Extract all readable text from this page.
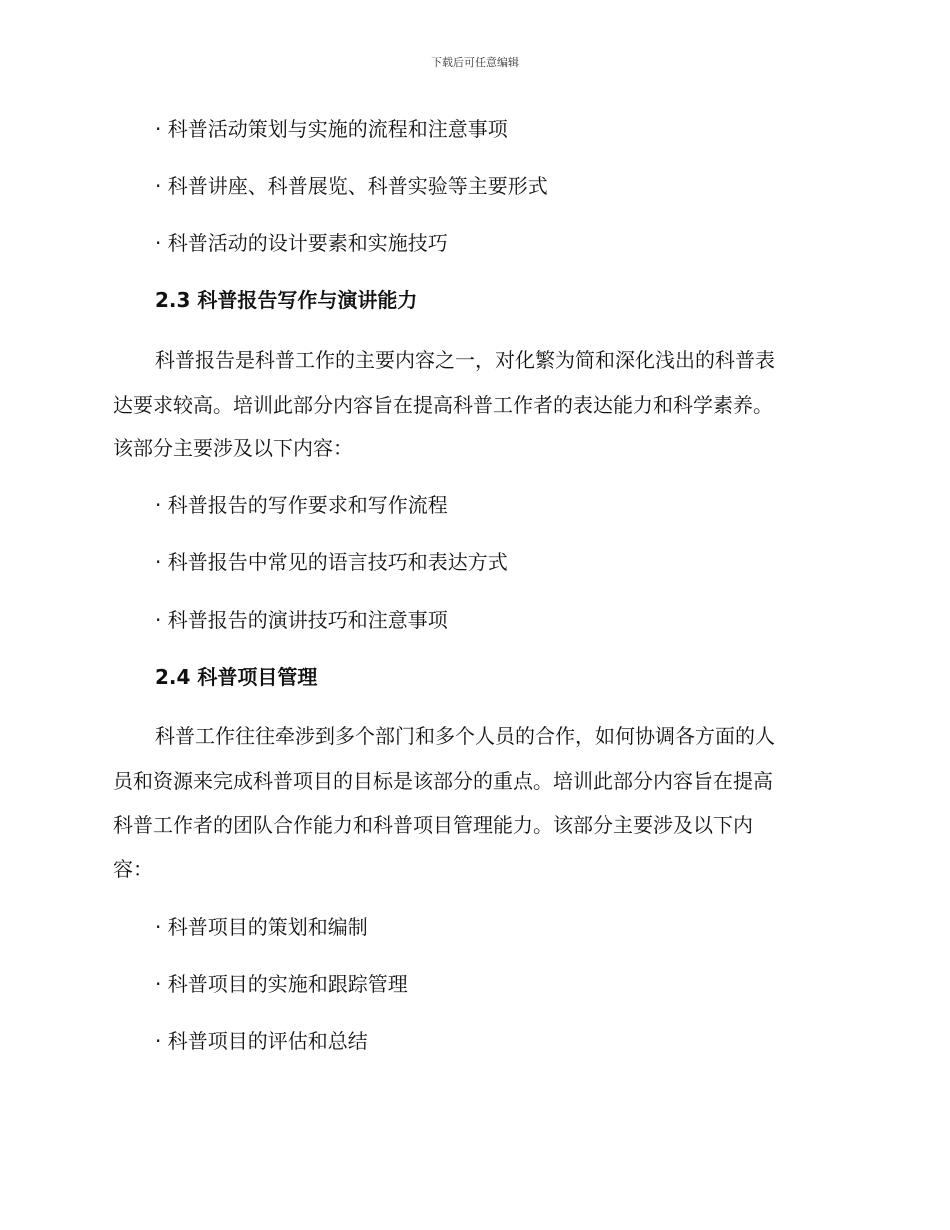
下载后可任意编辑
· 科普活动策划与实施的流程和注意事项
· 科普讲座、科普展览、科普实验等主要形式
· 科普活动的设计要素和实施技巧
2.3 科普报告写作与演讲能力
科普报告是科普工作的主要内容之一，对化繁为简和深化浅出的科普表
达要求较高。培训此部分内容旨在提高科普工作者的表达能力和科学素养。
该部分主要涉及以下内容：
· 科普报告的写作要求和写作流程
· 科普报告中常见的语言技巧和表达方式
· 科普报告的演讲技巧和注意事项
2.4 科普项目管理
科普工作往往牵涉到多个部门和多个人员的合作，如何协调各方面的人
员和资源来完成科普项目的目标是该部分的重点。培训此部分内容旨在提高
科普工作者的团队合作能力和科普项目管理能力。该部分主要涉及以下内
容：
· 科普项目的策划和编制
· 科普项目的实施和跟踪管理
· 科普项目的评估和总结
